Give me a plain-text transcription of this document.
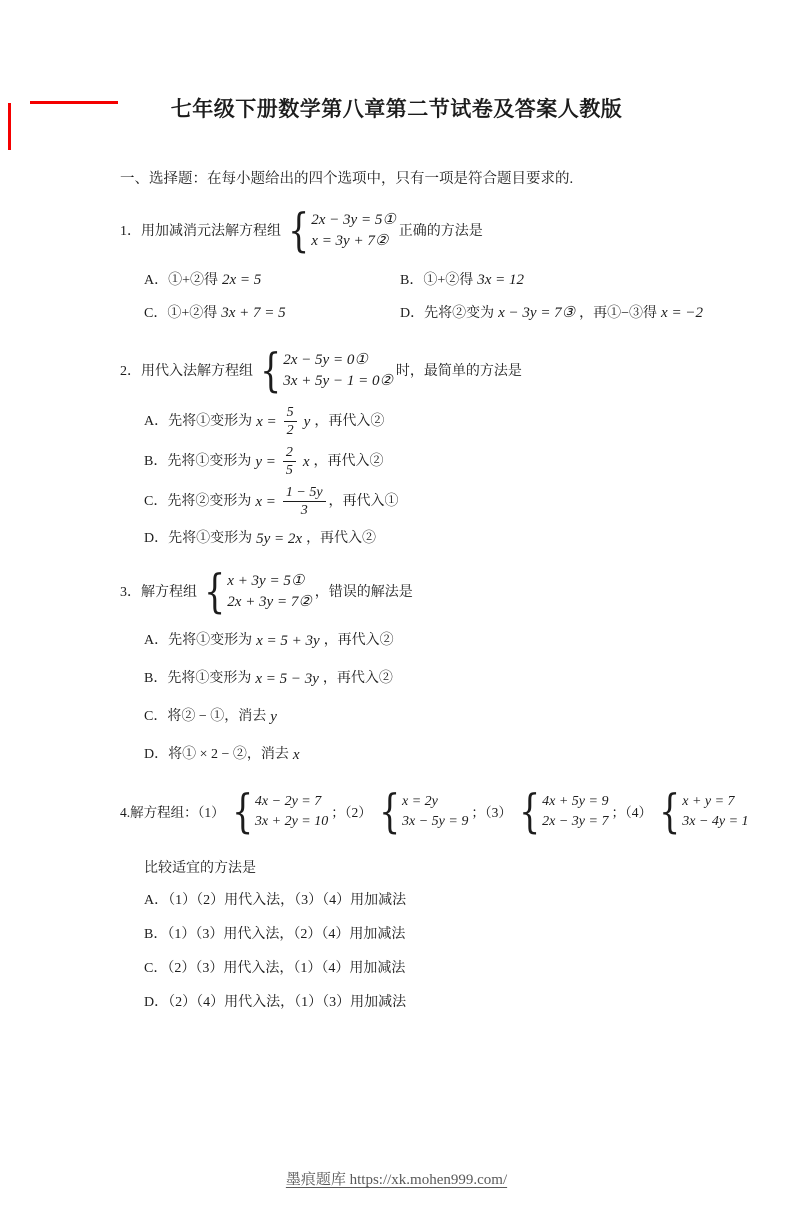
七年级下册数学第八章第二节试卷及答案人教版
一、选择题：在每小题给出的四个选项中，只有一项是符合题目要求的.
1．用加减消元法解方程组 { 2x − 3y = 5①
x = 3y + 7②
正确的方法是
A．①+②得 2x = 5	B．①+②得 3x = 12
C．①+②得 3x + 7 = 5	D．先将②变为 x − 3y = 7③ ，再①−③得 x = −2
2．用代入法解方程组 { 2x − 5y = 0①
3x + 5y − 1 = 0②
时，最简单的方法是
A．先将①变形为 $x = \frac{5}{2}$ y ，再代入②
B．先将①变形为 $y = \frac{2}{5}$ x ，再代入②
C．先将②变形为 $x = \frac{1 - 5y}{3}$ ，再代入①
D．先将①变形为 5y = 2x ，再代入②
3．解方程组 { x + 3y = 5①
2x + 3y = 7②
，错误的解法是
A．先将①变形为 x = 5 + 3y ，再代入②
B．先将①变形为 x = 5 − 3y ，再代入②
C．将② − ①，消去 y
D．将① × 2 − ②，消去 x
4.解方程组：（1） { 4x − 2y = 7
3x + 2y = 10
；（2） { x = 2y
3x − 5y = 9
；（3） { 4x + 5y = 9
2x − 3y = 7
；（4） { x + y = 7
3x − 4y = 1
比较适宜的方法是
A．（1）（2）用代入法，（3）（4）用加减法
B．（1）（3）用代入法，（2）（4）用加减法
C．（2）（3）用代入法，（1）（4）用加减法
D．（2）（4）用代入法，（1）（3）用加减法
墨痕题库 https://xk.mohen999.com/
